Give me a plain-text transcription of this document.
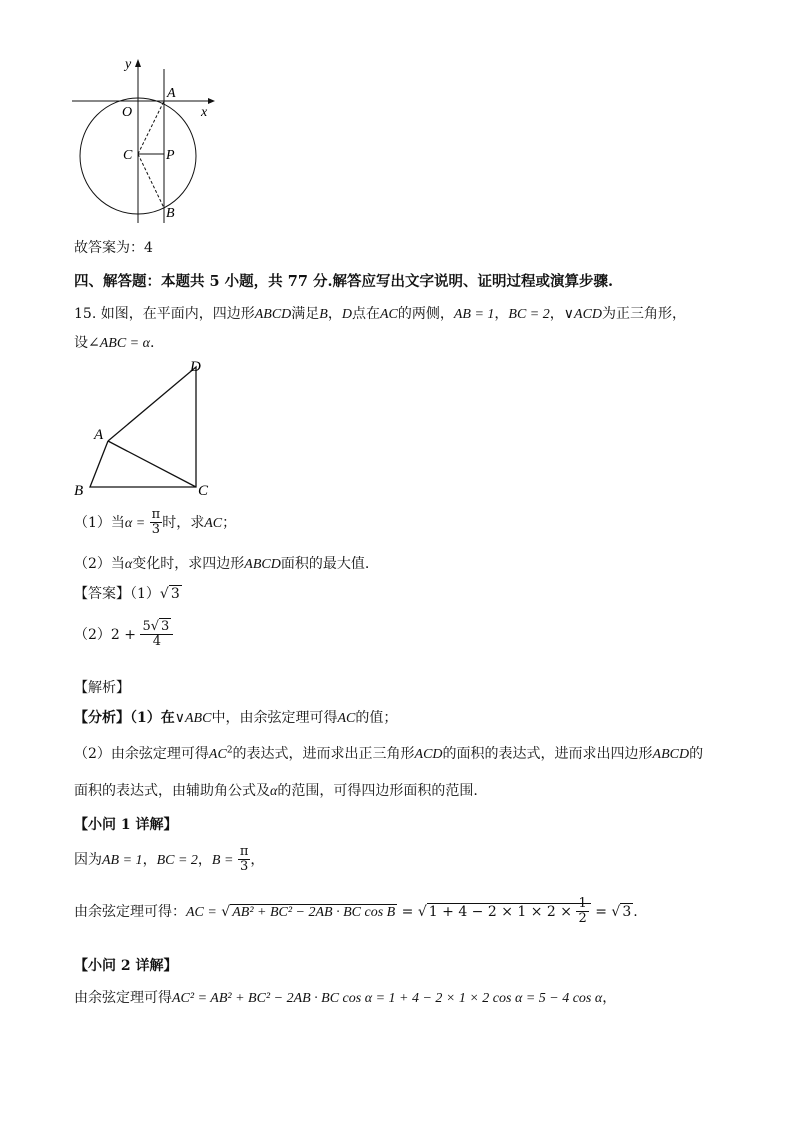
y
O
A
x
C P
B
故答案为：4
四、解答题：本题共 5 小题，共 77 分.解答应写出文字说明、证明过程或演算步骤.
15. 如图，在平面内，四边形ABCD满足B，D点在AC的两侧，AB = 1，BC = 2，∨ACD为正三角形，
设∠ABC = α.
D
A
B	C
（1）当$\alpha = \frac{\pi}{3}$ 时，求AC；
（2）当α变化时，求四边形ABCD面积的最大值.
【答案】（1）√ 3
$(2)2 + \frac{5√ 3}{4}$
【解析】
【分析】（1）在∨ABC中，由余弦定理可得AC的值；
（2）由余弦定理可得$AC^2$的表达式，进而求出正三角形ACD的面积的表达式，进而求出四边形ABCD的
面积的表达式，由辅助角公式及α的范围，可得四边形面积的范围.
【小问 1 详解】
因为AB = 1，BC = 2，$B = \frac{\pi}{3}$ ，
由余弦定理可得：AC = √ AB² + BC² − 2AB · BC cos B = √ $1 + 4 - 2 \times 1 \times 2 \times \frac{1}{2}$ = √ 3 .
【小问 2 详解】
由余弦定理可得AC² = AB² + BC² − 2AB · BC cos α = 1 + 4 − 2 × 1 × 2 cos α = 5 − 4 cos α，
